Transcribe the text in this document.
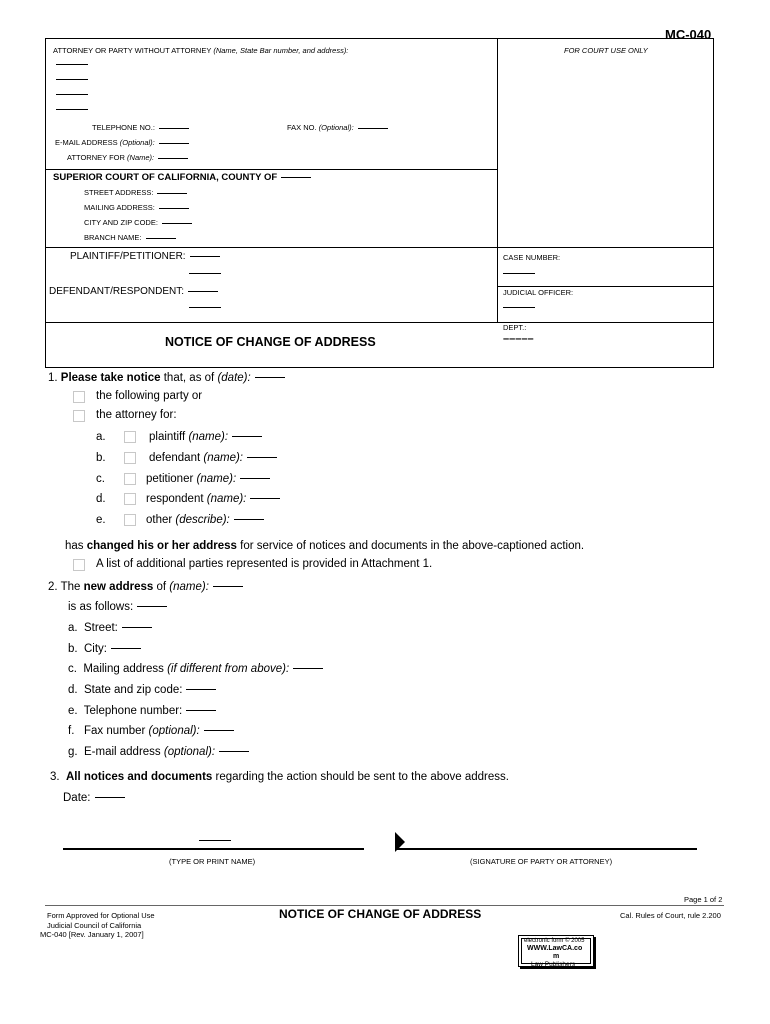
MC-040
ATTORNEY OR PARTY WITHOUT ATTORNEY (Name, State Bar number, and address):	FOR COURT USE ONLY
TELEPHONE NO.:	FAX NO. (Optional):
E-MAIL ADDRESS (Optional):
ATTORNEY FOR (Name):
SUPERIOR COURT OF CALIFORNIA, COUNTY OF
STREET ADDRESS:
MAILING ADDRESS:
CITY AND ZIP CODE:
BRANCH NAME:
PLAINTIFF/PETITIONER:
DEFENDANT/RESPONDENT:
CASE NUMBER:
JUDICIAL OFFICER:
DEPT.:
–––––
NOTICE OF CHANGE OF ADDRESS
1. Please take notice that, as of (date):
the following party or
the attorney for:
a.	plaintiff (name):
b.	defendant (name):
c.	petitioner (name):
d.	respondent (name):
e.	other (describe):
has changed his or her address for service of notices and documents in the above-captioned action.
A list of additional parties represented is provided in Attachment 1.
2. The new address of (name):
is as follows:
a. Street:
b. City:
c. Mailing address (if different from above):
d. State and zip code:
e. Telephone number:
f. Fax number (optional):
g. E-mail address (optional):
3. All notices and documents regarding the action should be sent to the above address.
Date:
(TYPE OR PRINT NAME)	(SIGNATURE OF PARTY OR ATTORNEY)
Page 1 of 2
Form Approved for Optional Use
Judicial Council of California
MC-040 [Rev. January 1, 2007]
NOTICE OF CHANGE OF ADDRESS	Cal. Rules of Court, rule 2.200
electronic form © 2005
WWW.LawCA.co
m
Law Publishers
